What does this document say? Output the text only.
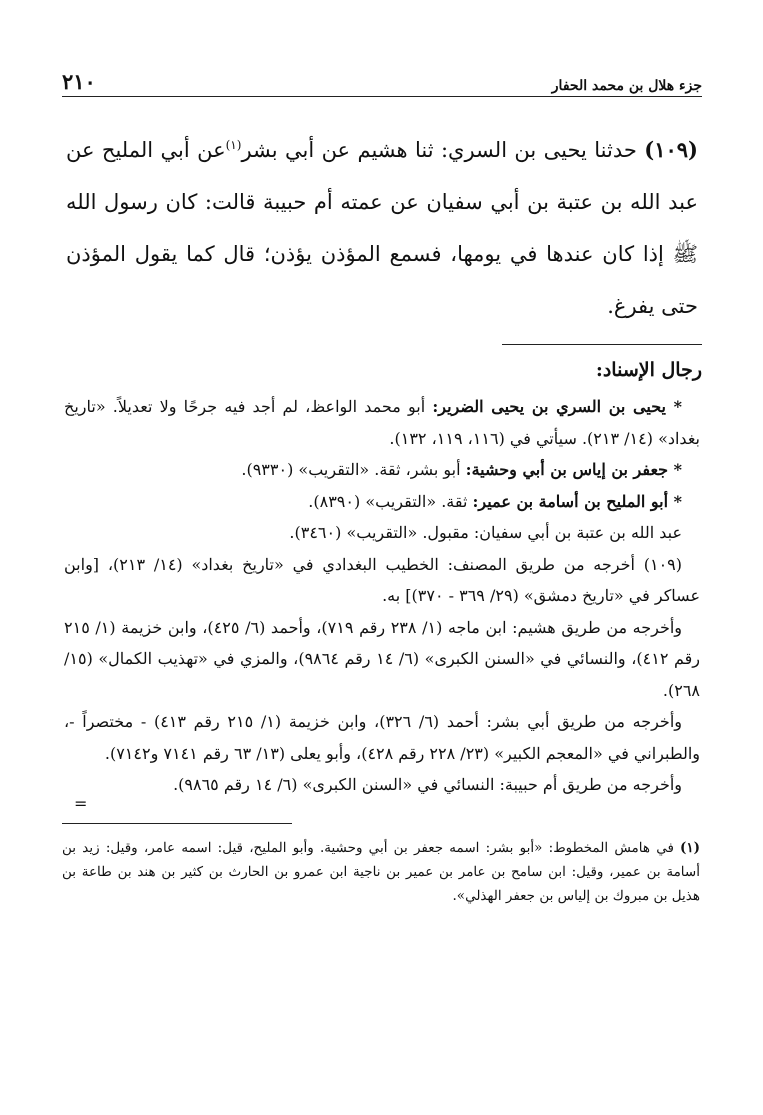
جزء هلال بن محمد الحفار
٢١٠
(١٠٩) حدثنا يحيى بن السري: ثنا هشيم عن أبي بشر$^{(١)}$عن أبي المليح عن عبد الله بن عتبة بن أبي سفيان عن عمته أم حبيبة قالت: كان رسول الله ﷺ إذا كان عندها في يومها، فسمع المؤذن يؤذن؛ قال كما يقول المؤذن حتى يفرغ.
رجال الإسناد:

* يحيى بن السري بن يحيى الضرير: أبو محمد الواعظ، لم أجد فيه جرحًا ولا تعديلاً. «تاريخ بغداد» (١٤/ ٢١٣). سيأتي في (١١٦، ١١٩، ١٣٢).

* جعفر بن إياس بن أبي وحشية: أبو بشر، ثقة. «التقريب» (٩٣٣٠).

* أبو المليح بن أسامة بن عمير: ثقة. «التقريب» (٨٣٩٠).

عبد الله بن عتبة بن أبي سفيان: مقبول. «التقريب» (٣٤٦٠).

(١٠٩) أخرجه من طريق المصنف: الخطيب البغدادي في «تاريخ بغداد» (١٤/ ٢١٣)، [وابن عساكر في «تاريخ دمشق» (٢٩/ ٣٦٩ - ٣٧٠)] به.

وأخرجه من طريق هشيم: ابن ماجه (١/ ٢٣٨ رقم ٧١٩)، وأحمد (٦/ ٤٢٥)، وابن خزيمة (١/ ٢١٥ رقم ٤١٢)، والنسائي في «السنن الكبرى» (٦/ ١٤ رقم ٩٨٦٤)، والمزي في «تهذيب الكمال» (١٥/ ٢٦٨).

وأخرجه من طريق أبي بشر: أحمد (٦/ ٣٢٦)، وابن خزيمة (١/ ٢١٥ رقم ٤١٣) - مختصراً -، والطبراني في «المعجم الكبير» (٢٣/ ٢٢٨ رقم ٤٢٨)، وأبو يعلى (١٣/ ٦٣ رقم ٧١٤١ و٧١٤٢).

وأخرجه من طريق أم حبيبة: النسائي في «السنن الكبرى» (٦/ ١٤ رقم ٩٨٦٥).

=
(١)في هامش المخطوط: «أبو بشر: اسمه جعفر بن أبي وحشية. وأبو المليح، قيل: اسمه عامر، وقيل: زيد بن أسامة بن عمير، وقيل: ابن سامح بن عامر بن عمير بن ناجية ابن عمرو بن الحارث بن كثير بن هند بن طاعة بن هذيل بن مبروك بن إلياس بن جعفر الهذلي».
